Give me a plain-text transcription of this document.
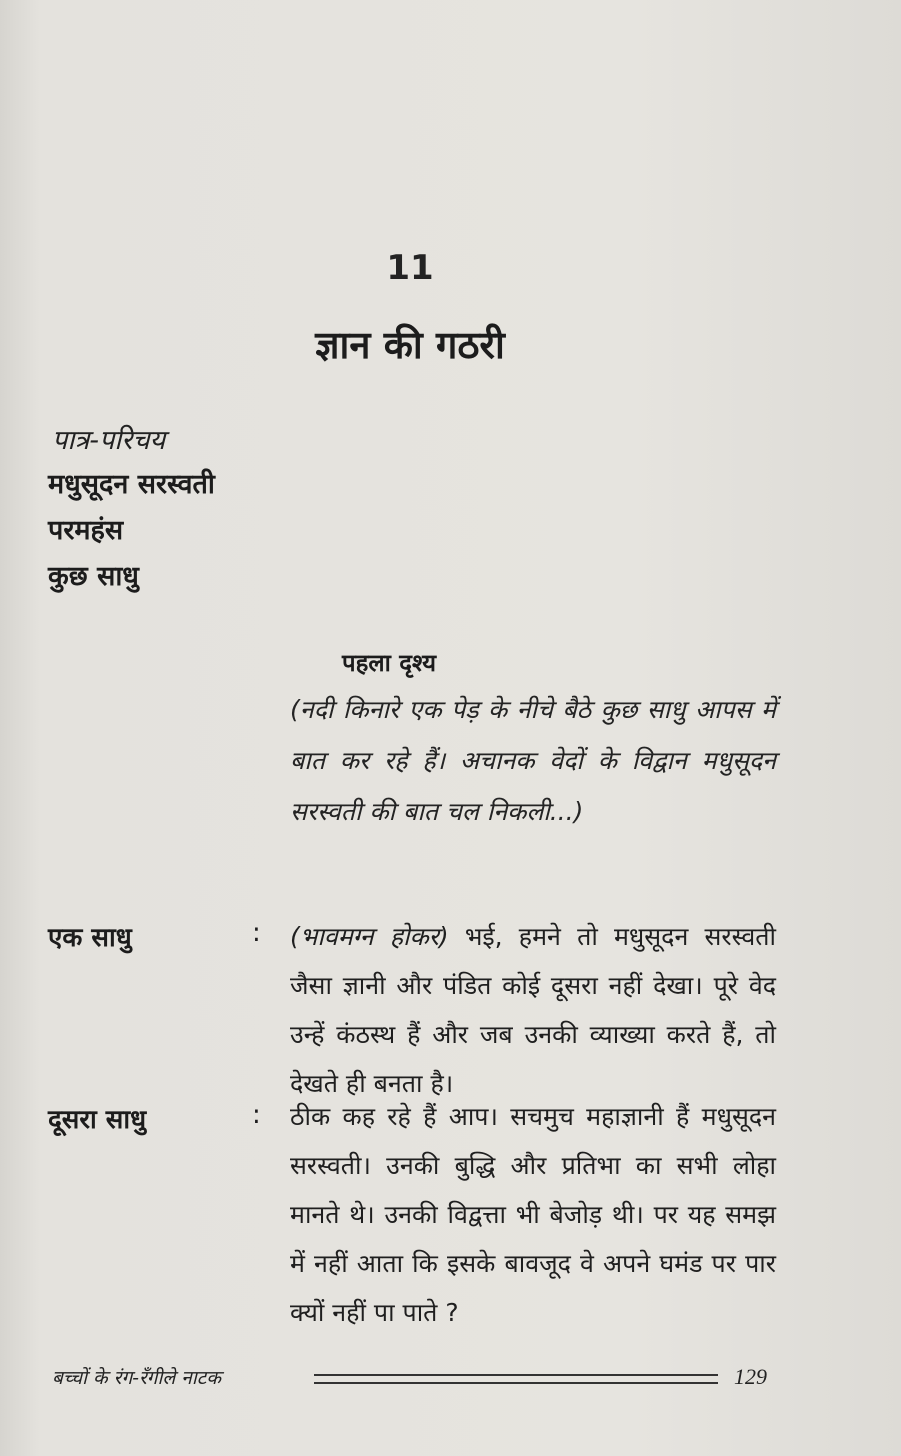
11
ज्ञान की गठरी
पात्र-परिचय
मधुसूदन सरस्वती
परमहंस
कुछ साधु
पहला दृश्य
(नदी किनारे एक पेड़ के नीचे बैठे कुछ साधु आपस में बात कर रहे हैं। अचानक वेदों के विद्वान मधुसूदन सरस्वती की बात चल निकली...)
एक साधु	: (भावमग्न होकर) भई, हमने तो मधुसूदन सरस्वती जैसा ज्ञानी और पंडित कोई दूसरा नहीं देखा। पूरे वेद उन्हें कंठस्थ हैं और जब उनकी व्याख्या करते हैं, तो देखते ही बनता है।
दूसरा साधु	: ठीक कह रहे हैं आप। सचमुच महाज्ञानी हैं मधुसूदन सरस्वती। उनकी बुद्धि और प्रतिभा का सभी लोहा मानते थे। उनकी विद्वत्ता भी बेजोड़ थी। पर यह समझ में नहीं आता कि इसके बावजूद वे अपने घमंड पर पार क्यों नहीं पा पाते ?
बच्चों के रंग-रँगीले नाटक	129
